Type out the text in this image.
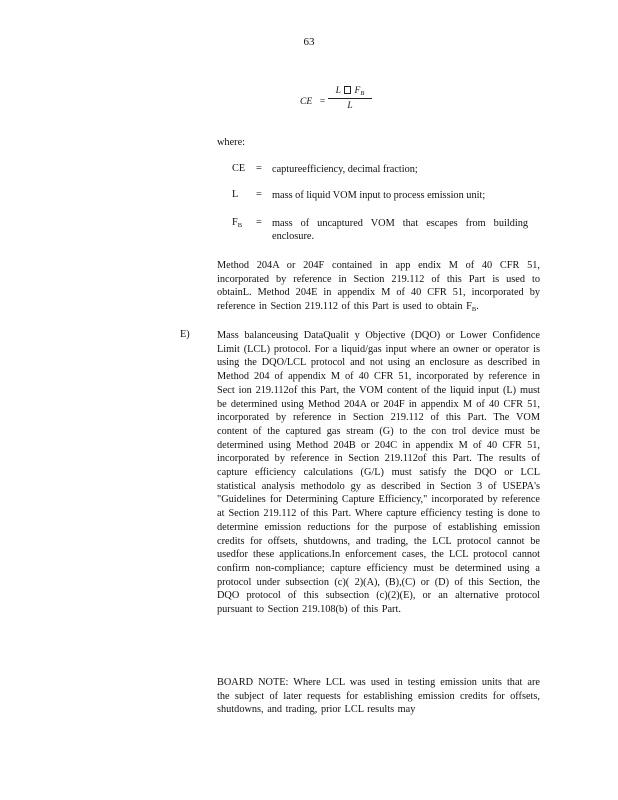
63
CE = $\frac{L F_B}{L}$
where:
CE = captureefficiency, decimal fraction;
L = mass of liquid VOM input to process emission unit;
$F_B$ = mass of uncaptured VOM that escapes from building enclosure.
Method 204A or 204F contained in app endix M of 40 CFR 51, incorporated by reference in Section 219.112 of this Part is used to obtainL. Method 204E in appendix M of 40 CFR 51, incorporated by reference in Section 219.112 of this Part is used to obtain $F_B$.
E)	Mass balanceusing DataQualit y Objective (DQO) or Lower Confidence Limit (LCL) protocol. For a liquid/gas input where an owner or operator is using the DQO/LCL protocol and not using an enclosure as described in Method 204 of appendix M of 40 CFR 51, incorporated by reference in Sect ion 219.112of this Part, the VOM content of the liquid input (L) must be determined using Method 204A or 204F in appendix M of 40 CFR 51, incorporated by reference in Section 219.112 of this Part. The VOM content of the captured gas stream (G) to the con trol device must be determined using Method 204B or 204C in appendix M of 40 CFR 51, incorporated by reference in Section 219.112of this Part. The results of capture efficiency calculations (G/L) must satisfy the DQO or LCL statistical analysis methodolo gy as described in Section 3 of USEPA's "Guidelines for Determining Capture Efficiency," incorporated by reference at Section 219.112 of this Part. Where capture efficiency testing is done to determine emission reductions for the purpose of establishing emission credits for offsets, shutdowns, and trading, the LCL protocol cannot be usedfor these applications.In enforcement cases, the LCL protocol cannot confirm non-compliance; capture efficiency must be determined using a protocol under subsection (c)( 2)(A), (B),(C) or (D) of this Section, the DQO protocol of this subsection (c)(2)(E), or an alternative protocol pursuant to Section 219.108(b) of this Part.
BOARD NOTE: Where LCL was used in testing emission units that are the subject of later requests for establishing emission credits for offsets, shutdowns, and trading, prior LCL results may
